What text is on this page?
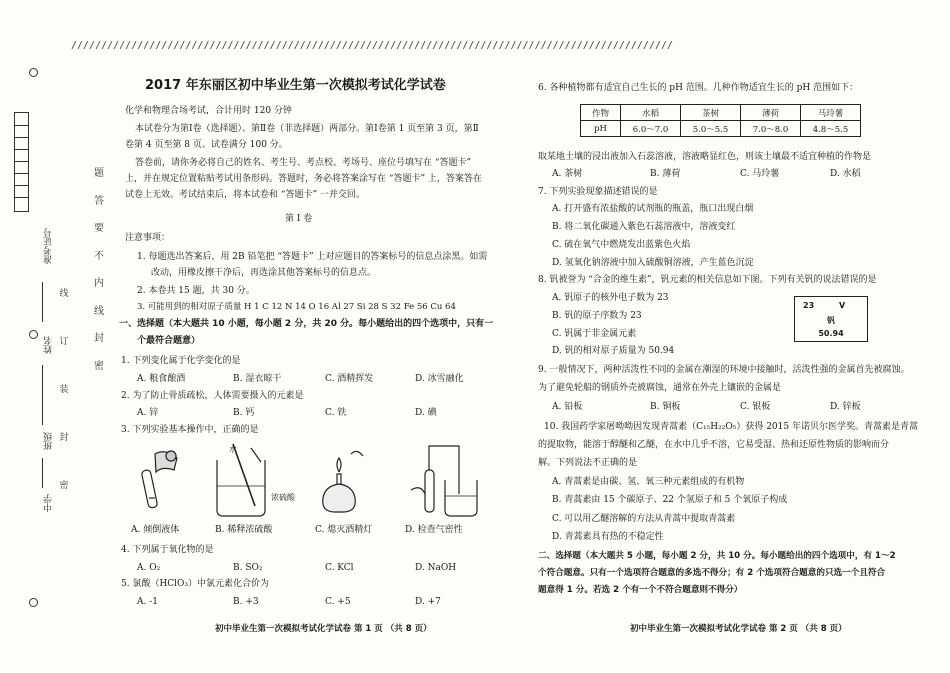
准考证号
姓名
班级
中学
////////////////////////////////////////////////////////////////////////////////////////////////////
题
答
要
不
内
线
封
密
线
订
装
封
密
2017 年东丽区初中毕业生第一次模拟考试化学试卷
化学和物理合场考试，合计用时 120 分钟
本试卷分为第Ⅰ卷（选择题）、第Ⅱ卷（非选择题）两部分。第Ⅰ卷第 1 页至第 3 页，第Ⅱ
卷第 4 页至第 8 页。试卷满分 100 分。
答卷前，请你务必将自己的姓名、考生号、考点校、考场号、座位号填写在 “答题卡”
上，并在规定位置粘贴考试用条形码。答题时，务必将答案涂写在 “答题卡” 上，答案答在
试卷上无效。考试结束后，将本试卷和 “答题卡” 一并交回。
第 Ⅰ 卷
注意事项：
1. 每题选出答案后，用 2B 铅笔把 “答题卡” 上对应题目的答案标号的信息点涂黑。如需
改动，用橡皮擦干净后，再选涂其他答案标号的信息点。
2. 本卷共 15 题，共 30 分。
3. 可能用到的相对原子质量 H 1 C 12 N 14 O 16 Al 27 Si 28 S 32 Fe 56 Cu 64
一、选择题（本大题共 10 小题，每小题 2 分，共 20 分。每小题给出的四个选项中，只有一
个最符合题意）
1. 下列变化属于化学变化的是
A. 粮食酿酒	B. 湿衣晾干	C. 酒精挥发	D. 冰雪融化
2. 为了防止骨质疏松，人体需要摄入的元素是
A. 锌	B. 钙	C. 铁	D. 碘
3. 下列实验基本操作中，正确的是
水
浓硫酸
A. 倾倒液体	B. 稀释浓硫酸	C. 熄灭酒精灯	D. 检查气密性
4. 下列属于氧化物的是
A. O₂	B. SO₂	C. KCl	D. NaOH
5. 氯酸（HClO₃）中氯元素化合价为
A. -1	B. +3	C. +5	D. +7
初中毕业生第一次模拟考试化学试卷 第 1 页 （共 8 页）
6. 各种植物都有适宜自己生长的 pH 范围。几种作物适宜生长的 pH 范围如下：
作物	水稻	茶树	薄荷	马玲薯
pH	6.0～7.0	5.0～5.5	7.0～8.0	4.8～5.5
取某地土壤的浸出液加入石蕊溶液，溶液略显红色，则该土壤最不适宜种植的作物是
A. 茶树	B. 薄荷	C. 马玲薯	D. 水稻
7. 下列实验现象描述错误的是
A. 打开盛有浓盐酸的试剂瓶的瓶盖，瓶口出现白烟
B. 将二氧化碳通入紫色石蕊溶液中，溶液变红
C. 硫在氧气中燃烧发出蓝紫色火焰
D. 氢氧化钠溶液中加入硫酸铜溶液，产生蓝色沉淀
8. 钒被誉为 “合金的维生素”，钒元素的相关信息如下图。下列有关钒的说法错误的是
A. 钒原子的核外电子数为 23
B. 钒的原子序数为 23
C. 钒属于非金属元素
D. 钒的相对原子质量为 50.94
23	V
钒
50.94
9. 一般情况下，两种活泼性不同的金属在潮湿的环境中接触时，活泼性强的金属首先被腐蚀。
为了避免轮船的钢质外壳被腐蚀，通常在外壳上镶嵌的金属是
A. 铅板	B. 铜板	C. 银板	D. 锌板
10. 我国药学家屠呦呦因发现青蒿素（C₁₅H₂₂O₅）获得 2015 年诺贝尔医学奖。青蒿素是青蒿
的提取物，能溶于醇醚和乙醚，在水中几乎不溶，它易受湿、热和还原性物质的影响而分
解。下列说法不正确的是
A. 青蒿素是由碳、氢、氧三种元素组成的有机物
B. 青蒿素由 15 个碳原子、22 个氢原子和 5 个氧原子构成
C. 可以用乙醚溶解的方法从青蒿中提取青蒿素
D. 青蒿素具有热的不稳定性
二、选择题（本大题共 5 小题，每小题 2 分，共 10 分。每小题给出的四个选项中，有 1～2
个符合题意。只有一个选项符合题意的多选不得分；有 2 个选项符合题意的只选一个且符合
题意得 1 分。若选 2 个有一个不符合题意则不得分）
初中毕业生第一次模拟考试化学试卷 第 2 页 （共 8 页）
